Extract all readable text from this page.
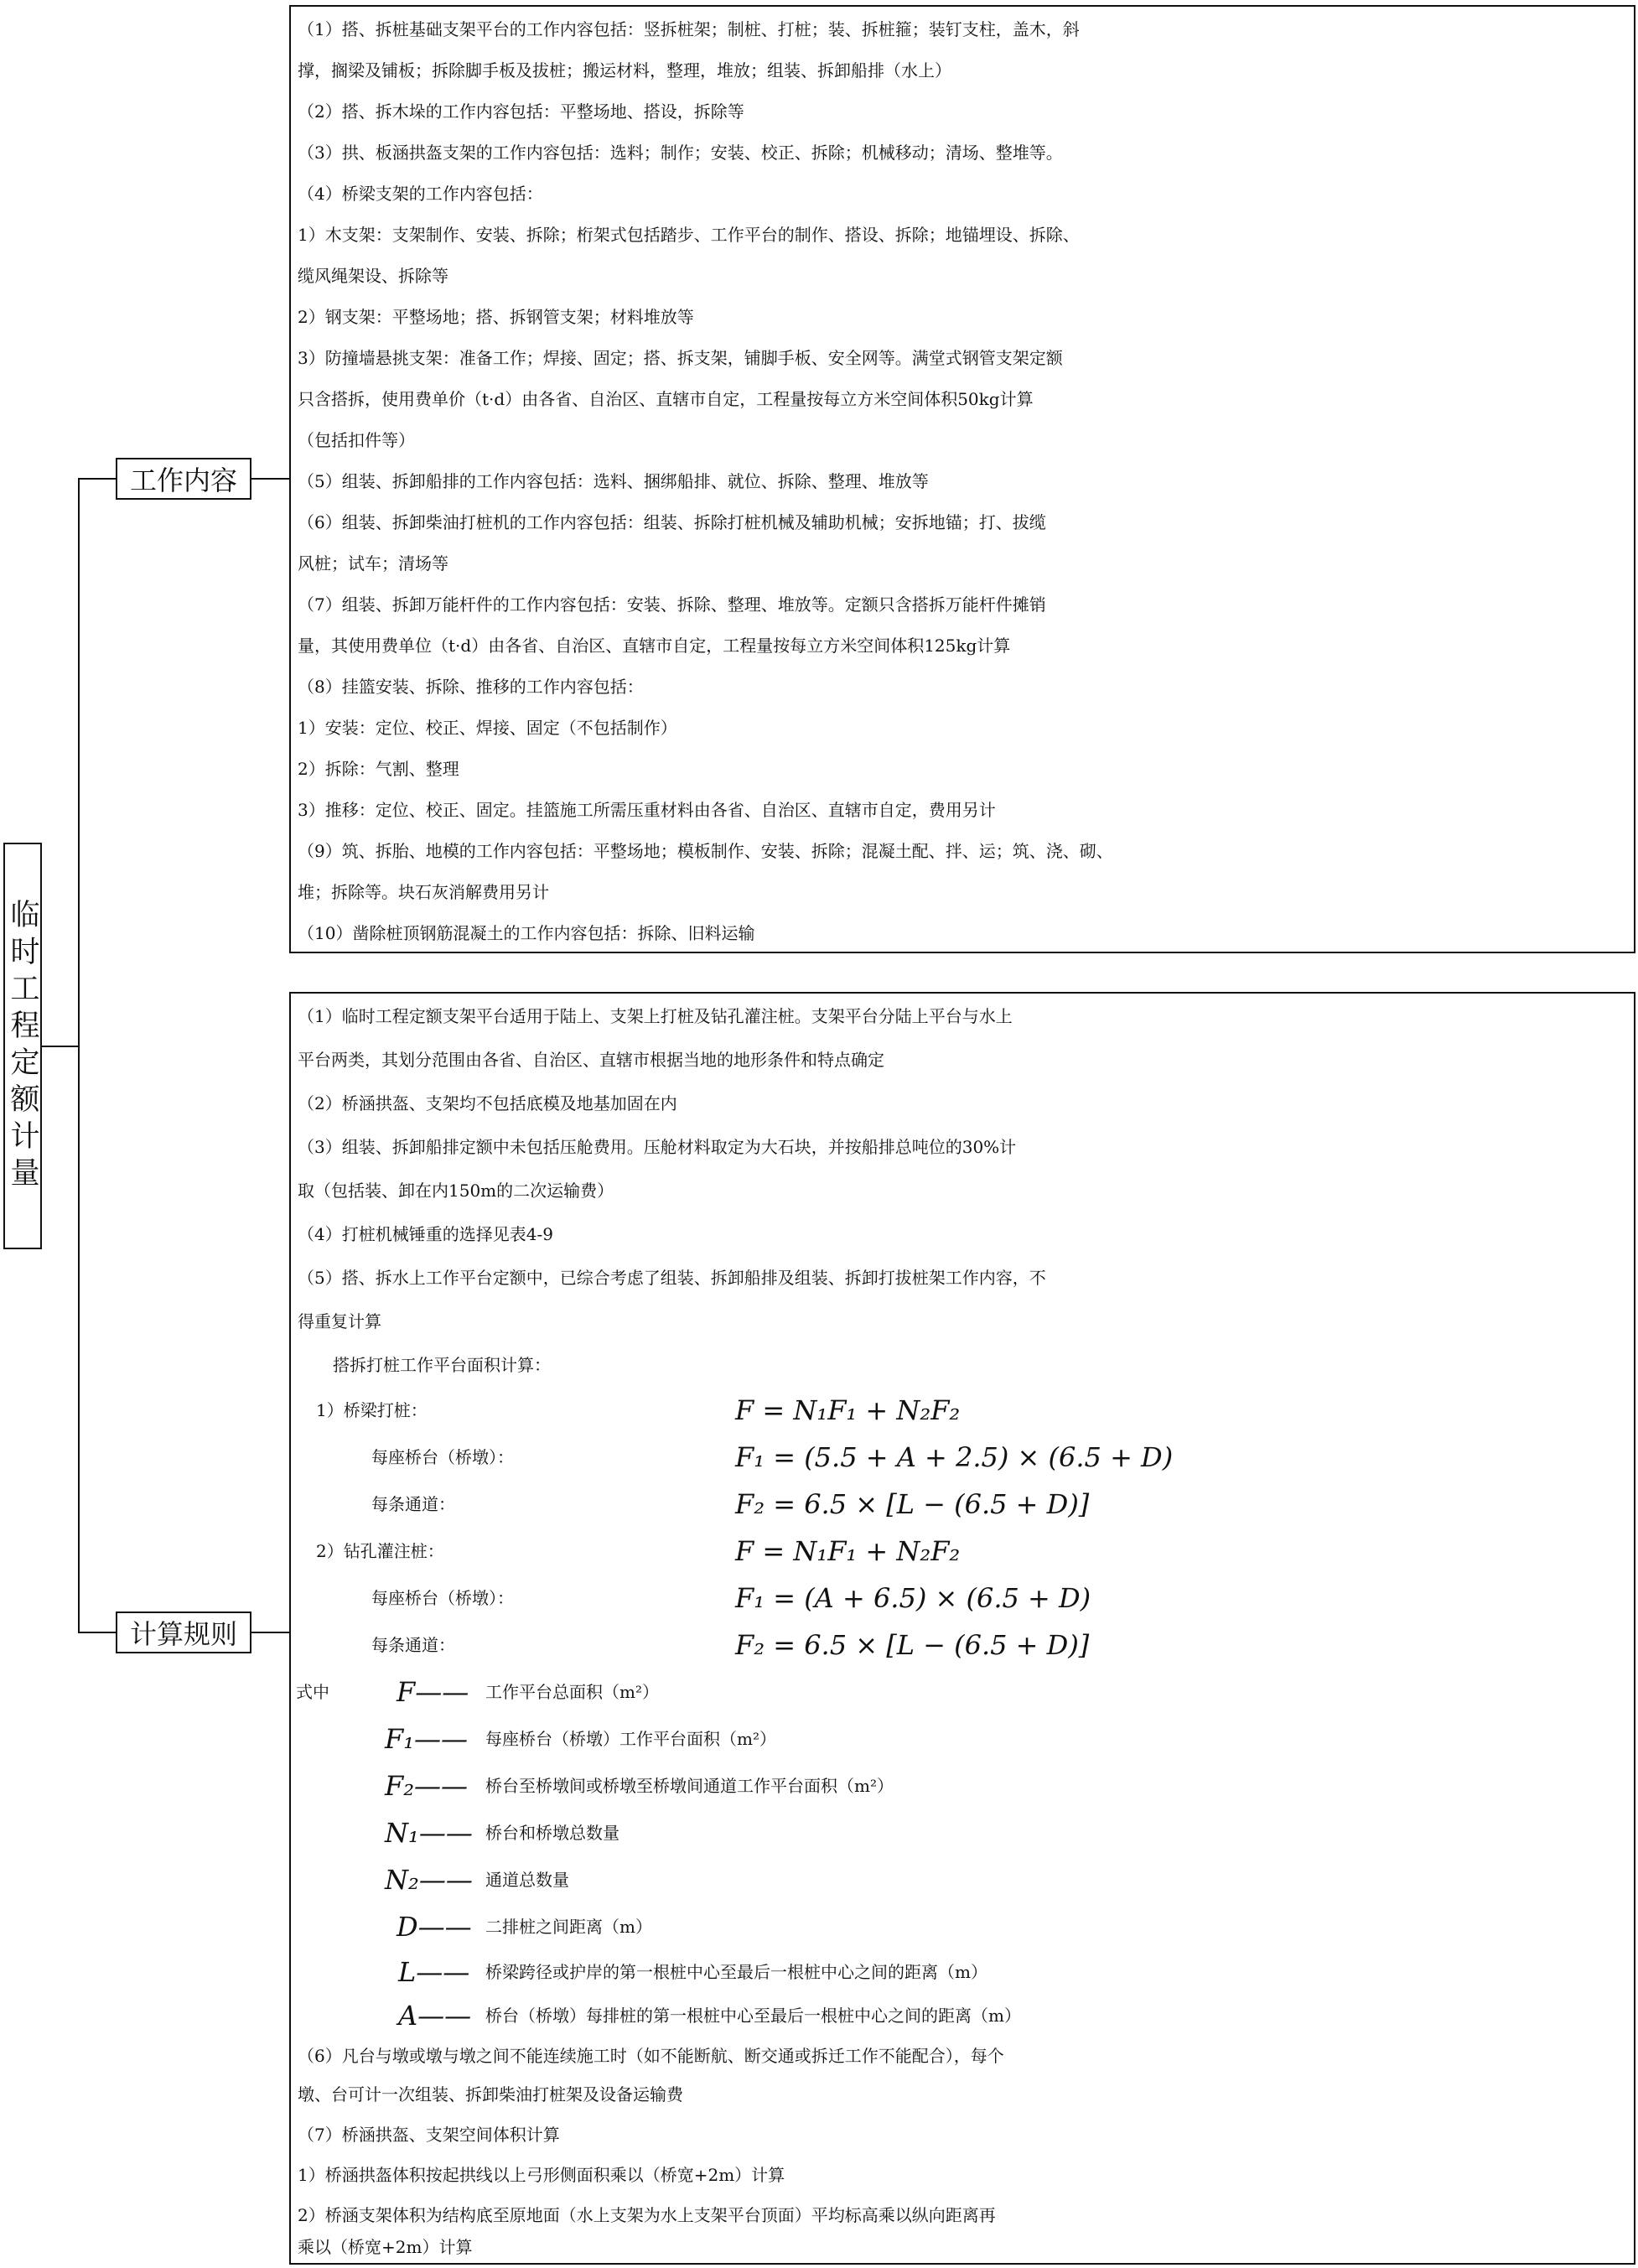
临时工程定额计量
工作内容
计算规则
（1）搭、拆桩基础支架平台的工作内容包括：竖拆桩架；制桩、打桩；装、拆桩箍；装钉支柱，盖木，斜
撑，搁梁及铺板；拆除脚手板及拔桩；搬运材料，整理，堆放；组装、拆卸船排（水上）
（2）搭、拆木垛的工作内容包括：平整场地、搭设，拆除等
（3）拱、板涵拱盔支架的工作内容包括：选料；制作；安装、校正、拆除；机械移动；清场、整堆等。
（4）桥梁支架的工作内容包括：
1）木支架：支架制作、安装、拆除；桁架式包括踏步、工作平台的制作、搭设、拆除；地锚埋设、拆除、
缆风绳架设、拆除等
2）钢支架：平整场地；搭、拆钢管支架；材料堆放等
3）防撞墙悬挑支架：准备工作；焊接、固定；搭、拆支架，铺脚手板、安全网等。满堂式钢管支架定额
只含搭拆，使用费单价（t·d）由各省、自治区、直辖市自定，工程量按每立方米空间体积50kg计算
（包括扣件等）
（5）组装、拆卸船排的工作内容包括：选料、捆绑船排、就位、拆除、整理、堆放等
（6）组装、拆卸柴油打桩机的工作内容包括：组装、拆除打桩机械及辅助机械；安拆地锚；打、拔缆
风桩；试车；清场等
（7）组装、拆卸万能杆件的工作内容包括：安装、拆除、整理、堆放等。定额只含搭拆万能杆件摊销
量，其使用费单位（t·d）由各省、自治区、直辖市自定，工程量按每立方米空间体积125kg计算
（8）挂篮安装、拆除、推移的工作内容包括：
1）安装：定位、校正、焊接、固定（不包括制作）
2）拆除：气割、整理
3）推移：定位、校正、固定。挂篮施工所需压重材料由各省、自治区、直辖市自定，费用另计
（9）筑、拆胎、地模的工作内容包括：平整场地；模板制作、安装、拆除；混凝土配、拌、运；筑、浇、砌、
堆；拆除等。块石灰消解费用另计
（10）凿除桩顶钢筋混凝土的工作内容包括：拆除、旧料运输
（1）临时工程定额支架平台适用于陆上、支架上打桩及钻孔灌注桩。支架平台分陆上平台与水上
平台两类，其划分范围由各省、自治区、直辖市根据当地的地形条件和特点确定
（2）桥涵拱盔、支架均不包括底模及地基加固在内
（3）组装、拆卸船排定额中未包括压舱费用。压舱材料取定为大石块，并按船排总吨位的30%计
取（包括装、卸在内150m的二次运输费）
（4）打桩机械锤重的选择见表4-9
（5）搭、拆水上工作平台定额中，已综合考虑了组装、拆卸船排及组装、拆卸打拔桩架工作内容，不
得重复计算
搭拆打桩工作平台面积计算：
1）桥梁打桩：	F = N₁F₁ + N₂F₂
每座桥台（桥墩）：	F₁ = (5.5 + A + 2.5) × (6.5 + D)
每条通道：	F₂ = 6.5 × [L − (6.5 + D)]
2）钻孔灌注桩：	F = N₁F₁ + N₂F₂
每座桥台（桥墩）：	F₁ = (A + 6.5) × (6.5 + D)
每条通道：	F₂ = 6.5 × [L − (6.5 + D)]
式中	F—— 工作平台总面积（m²）
F₁—— 每座桥台（桥墩）工作平台面积（m²）
F₂—— 桥台至桥墩间或桥墩至桥墩间通道工作平台面积（m²）
N₁—— 桥台和桥墩总数量
N₂—— 通道总数量
D—— 二排桩之间距离（m）
L—— 桥梁跨径或护岸的第一根桩中心至最后一根桩中心之间的距离（m）
A—— 桥台（桥墩）每排桩的第一根桩中心至最后一根桩中心之间的距离（m）
（6）凡台与墩或墩与墩之间不能连续施工时（如不能断航、断交通或拆迁工作不能配合），每个
墩、台可计一次组装、拆卸柴油打桩架及设备运输费
（7）桥涵拱盔、支架空间体积计算
1）桥涵拱盔体积按起拱线以上弓形侧面积乘以（桥宽+2m）计算
2）桥涵支架体积为结构底至原地面（水上支架为水上支架平台顶面）平均标高乘以纵向距离再
乘以（桥宽+2m）计算
